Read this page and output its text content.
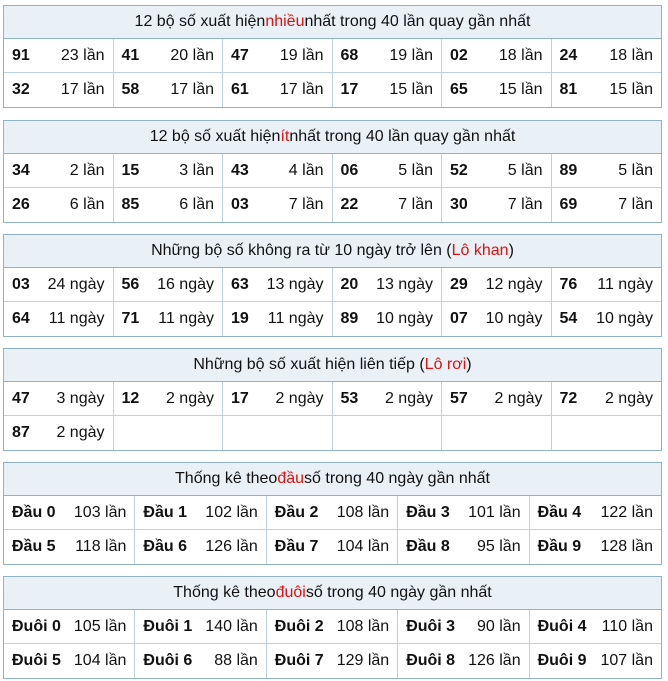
12 bộ số xuất hiện nhiều nhất trong 40 lần quay gần nhất
91 23 lần 41 20 lần 47 19 lần 68 19 lần 02 18 lần 24 18 lần
32 17 lần 58 17 lần 61 17 lần 17 15 lần 65 15 lần 81 15 lần
12 bộ số xuất hiện ít nhất trong 40 lần quay gần nhất
34	2 lần 15	3 lần 43	4 lần 06	5 lần 52	5 lần 89	5 lần
26	6 lần 85	6 lần 03	7 lần 22	7 lần 30	7 lần 69	7 lần
Những bộ số không ra từ 10 ngày trở lên ( Lô khan )
03 24 ngày 56 16 ngày 63 13 ngày 20 13 ngày 29 12 ngày 76 11 ngày
64 11 ngày 71 11 ngày 19 11 ngày 89 10 ngày 07 10 ngày 54 10 ngày
Những bộ số xuất hiện liên tiếp ( Lô rơi )
47 3 ngày 12 2 ngày 17 2 ngày 53 2 ngày 57 2 ngày 72 2 ngày
87 2 ngày
Thống kê theo đầu số trong 40 ngày gần nhất
Đầu 0 103 lần Đầu 1 102 lần Đầu 2 108 lần Đầu 3 101 lần Đầu 4 122 lần
Đầu 5 118 lần Đầu 6 126 lần Đầu 7 104 lần Đầu 8 95 lần Đầu 9 128 lần
Thống kê theo đuôi số trong 40 ngày gần nhất
Đuôi 0 105 lần Đuôi 1 140 lần Đuôi 2 108 lần Đuôi 3 90 lần Đuôi 4 110 lần
Đuôi 5 104 lần Đuôi 6 88 lần Đuôi 7 129 lần Đuôi 8 126 lần Đuôi 9 107 lần
